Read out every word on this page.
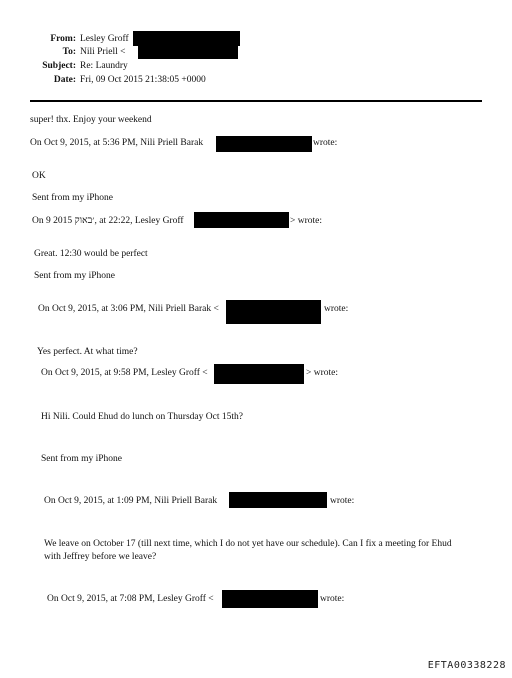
From: Lesley Groff
To: Nili Priell <
Subject: Re: Laundry
Date: Fri, 09 Oct 2015 21:38:05 +0000
super! thx. Enjoy your weekend
On Oct 9, 2015, at 5:36 PM, Nili Priell Barak	wrote:
OK
Sent from my iPhone
On 9 2015 ׳באוק, at 22:22, Lesley Groff	> wrote:
Great. 12:30 would be perfect
Sent from my iPhone
On Oct 9, 2015, at 3:06 PM, Nili Priell Barak <	wrote:
Yes perfect. At what time?
On Oct 9, 2015, at 9:58 PM, Lesley Groff <	> wrote:
Hi Nili. Could Ehud do lunch on Thursday Oct 15th?
Sent from my iPhone
On Oct 9, 2015, at 1:09 PM, Nili Priell Barak	wrote:
We leave on October 17 (till next time, which I do not yet have our schedule). Can I fix a meeting for Ehud with Jeffrey before we leave?
On Oct 9, 2015, at 7:08 PM, Lesley Groff <	wrote:
EFTA00338228
